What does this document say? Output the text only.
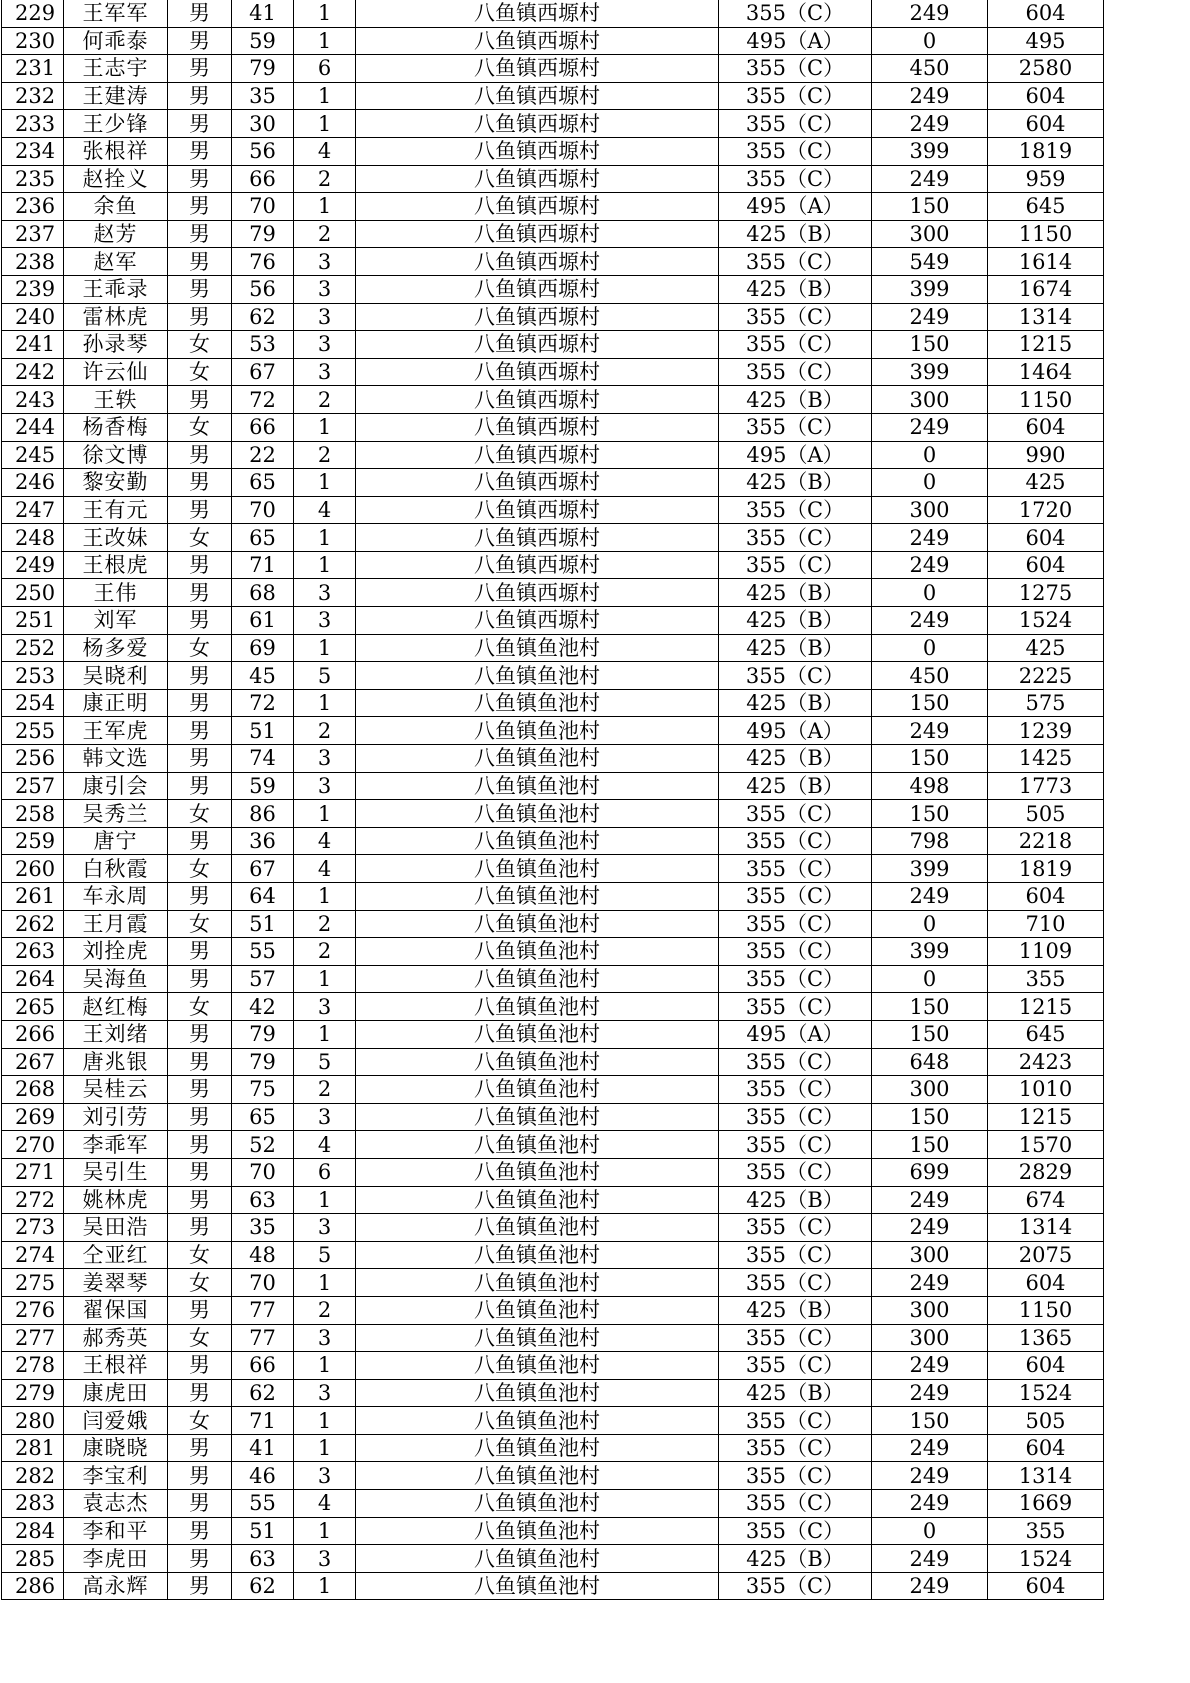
229	王军军	男	41	1	八鱼镇西塬村	355（C）	249	604
230	何乖泰	男	59	1	八鱼镇西塬村	495（A）	0	495
231	王志宇	男	79	6	八鱼镇西塬村	355（C）	450	2580
232	王建涛	男	35	1	八鱼镇西塬村	355（C）	249	604
233	王少锋	男	30	1	八鱼镇西塬村	355（C）	249	604
234	张根祥	男	56	4	八鱼镇西塬村	355（C）	399	1819
235	赵拴义	男	66	2	八鱼镇西塬村	355（C）	249	959
236	余鱼	男	70	1	八鱼镇西塬村	495（A）	150	645
237	赵芳	男	79	2	八鱼镇西塬村	425（B）	300	1150
238	赵军	男	76	3	八鱼镇西塬村	355（C）	549	1614
239	王乖录	男	56	3	八鱼镇西塬村	425（B）	399	1674
240	雷林虎	男	62	3	八鱼镇西塬村	355（C）	249	1314
241	孙录琴	女	53	3	八鱼镇西塬村	355（C）	150	1215
242	许云仙	女	67	3	八鱼镇西塬村	355（C）	399	1464
243	王轶	男	72	2	八鱼镇西塬村	425（B）	300	1150
244	杨香梅	女	66	1	八鱼镇西塬村	355（C）	249	604
245	徐文博	男	22	2	八鱼镇西塬村	495（A）	0	990
246	黎安勤	男	65	1	八鱼镇西塬村	425（B）	0	425
247	王有元	男	70	4	八鱼镇西塬村	355（C）	300	1720
248	王改妹	女	65	1	八鱼镇西塬村	355（C）	249	604
249	王根虎	男	71	1	八鱼镇西塬村	355（C）	249	604
250	王伟	男	68	3	八鱼镇西塬村	425（B）	0	1275
251	刘军	男	61	3	八鱼镇西塬村	425（B）	249	1524
252	杨多爱	女	69	1	八鱼镇鱼池村	425（B）	0	425
253	吴晓利	男	45	5	八鱼镇鱼池村	355（C）	450	2225
254	康正明	男	72	1	八鱼镇鱼池村	425（B）	150	575
255	王军虎	男	51	2	八鱼镇鱼池村	495（A）	249	1239
256	韩文选	男	74	3	八鱼镇鱼池村	425（B）	150	1425
257	康引会	男	59	3	八鱼镇鱼池村	425（B）	498	1773
258	吴秀兰	女	86	1	八鱼镇鱼池村	355（C）	150	505
259	唐宁	男	36	4	八鱼镇鱼池村	355（C）	798	2218
260	白秋霞	女	67	4	八鱼镇鱼池村	355（C）	399	1819
261	车永周	男	64	1	八鱼镇鱼池村	355（C）	249	604
262	王月霞	女	51	2	八鱼镇鱼池村	355（C）	0	710
263	刘拴虎	男	55	2	八鱼镇鱼池村	355（C）	399	1109
264	吴海鱼	男	57	1	八鱼镇鱼池村	355（C）	0	355
265	赵红梅	女	42	3	八鱼镇鱼池村	355（C）	150	1215
266	王刘绪	男	79	1	八鱼镇鱼池村	495（A）	150	645
267	唐兆银	男	79	5	八鱼镇鱼池村	355（C）	648	2423
268	吴桂云	男	75	2	八鱼镇鱼池村	355（C）	300	1010
269	刘引劳	男	65	3	八鱼镇鱼池村	355（C）	150	1215
270	李乖军	男	52	4	八鱼镇鱼池村	355（C）	150	1570
271	吴引生	男	70	6	八鱼镇鱼池村	355（C）	699	2829
272	姚林虎	男	63	1	八鱼镇鱼池村	425（B）	249	674
273	吴田浩	男	35	3	八鱼镇鱼池村	355（C）	249	1314
274	仝亚红	女	48	5	八鱼镇鱼池村	355（C）	300	2075
275	姜翠琴	女	70	1	八鱼镇鱼池村	355（C）	249	604
276	翟保国	男	77	2	八鱼镇鱼池村	425（B）	300	1150
277	郝秀英	女	77	3	八鱼镇鱼池村	355（C）	300	1365
278	王根祥	男	66	1	八鱼镇鱼池村	355（C）	249	604
279	康虎田	男	62	3	八鱼镇鱼池村	425（B）	249	1524
280	闫爱娥	女	71	1	八鱼镇鱼池村	355（C）	150	505
281	康晓晓	男	41	1	八鱼镇鱼池村	355（C）	249	604
282	李宝利	男	46	3	八鱼镇鱼池村	355（C）	249	1314
283	袁志杰	男	55	4	八鱼镇鱼池村	355（C）	249	1669
284	李和平	男	51	1	八鱼镇鱼池村	355（C）	0	355
285	李虎田	男	63	3	八鱼镇鱼池村	425（B）	249	1524
286	高永辉	男	62	1	八鱼镇鱼池村	355（C）	249	604
